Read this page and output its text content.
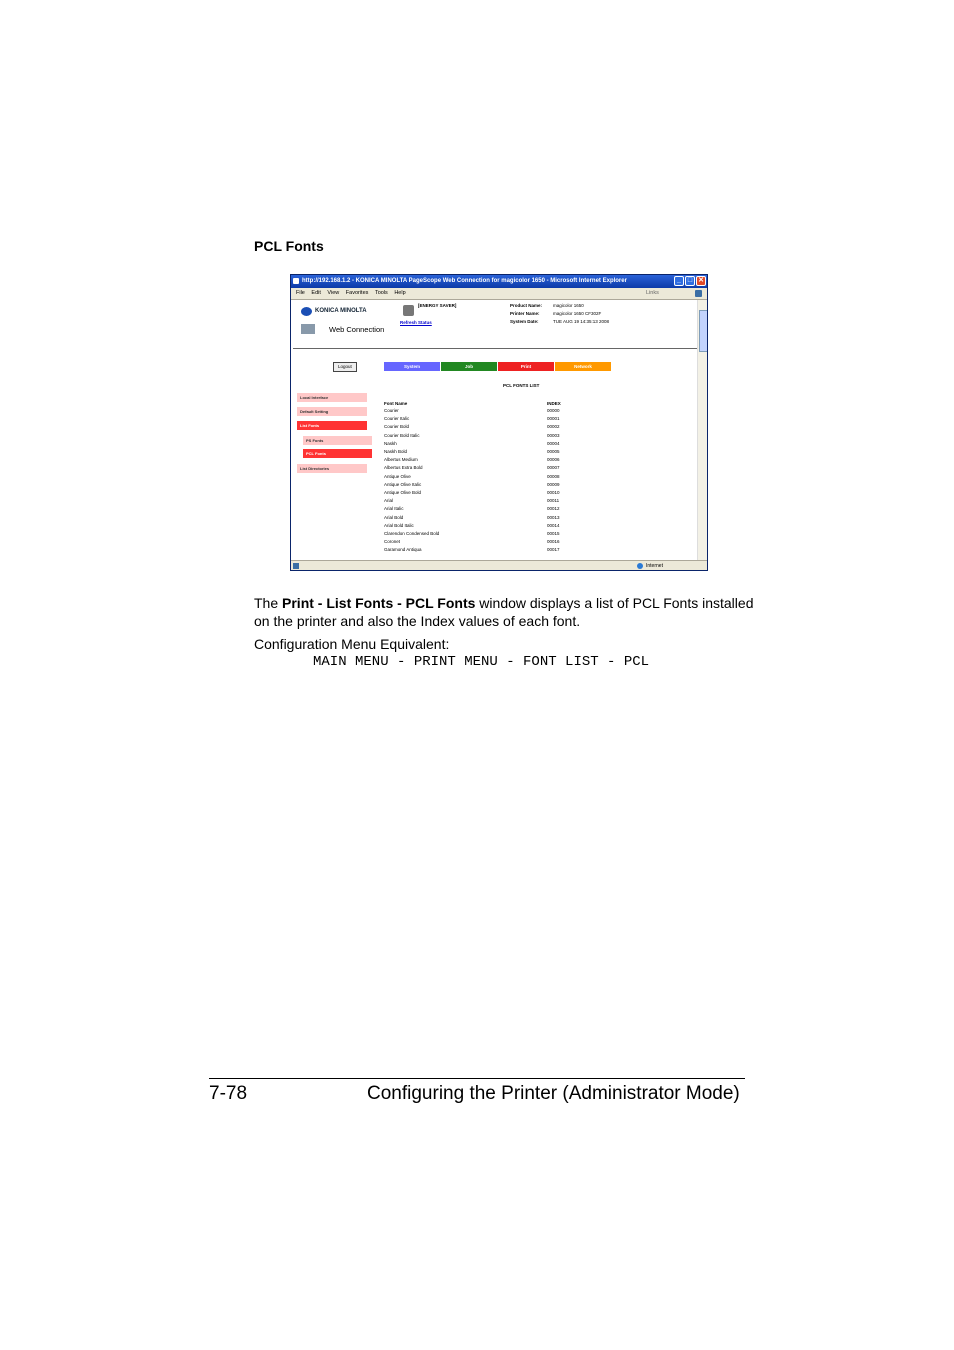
PCL Fonts
http://192.168.1.2 - KONICA MINOLTA PageScope Web Connection for magicolor 1650 - Microsoft Internet Explorer	_ □ ✕
File Edit View Favorites Tools Help	Links
KONICA MINOLTA
Web Connection
[ENERGY SAVER]
Refresh Status
Product Name: magicolor 1650
Printer Name:	magicolor 1650 CF302F
System Date:	TUE AUG 19 14:35:13 2008
Logout	System	Job	Print	Network
Local Interface
Default Setting
List Fonts
PS Fonts
PCL Fonts
List Directories
PCL FONTS LIST
Font Name	INDEX
Courier	00000
Courier Italic	00001
Courier Bold	00002
Courier Bold Italic	00003
Naskh	00004
Naskh Bold	00005
Albertus Medium	00006
Albertus Extra Bold	00007
Antique Olive	00008
Antique Olive Italic	00009
Antique Olive Bold	00010
Arial	00011
Arial Italic	00012
Arial Bold	00013
Arial Bold Italic	00014
Clarendon Condensed Bold	00015
Coronet	00016
Garamond Antiqua	00017
Internet
The Print - List Fonts - PCL Fonts window displays a list of PCL Fonts installed on the printer and also the Index values of each font.
Configuration Menu Equivalent:
MAIN MENU - PRINT MENU - FONT LIST - PCL
7-78	Configuring the Printer (Administrator Mode)
